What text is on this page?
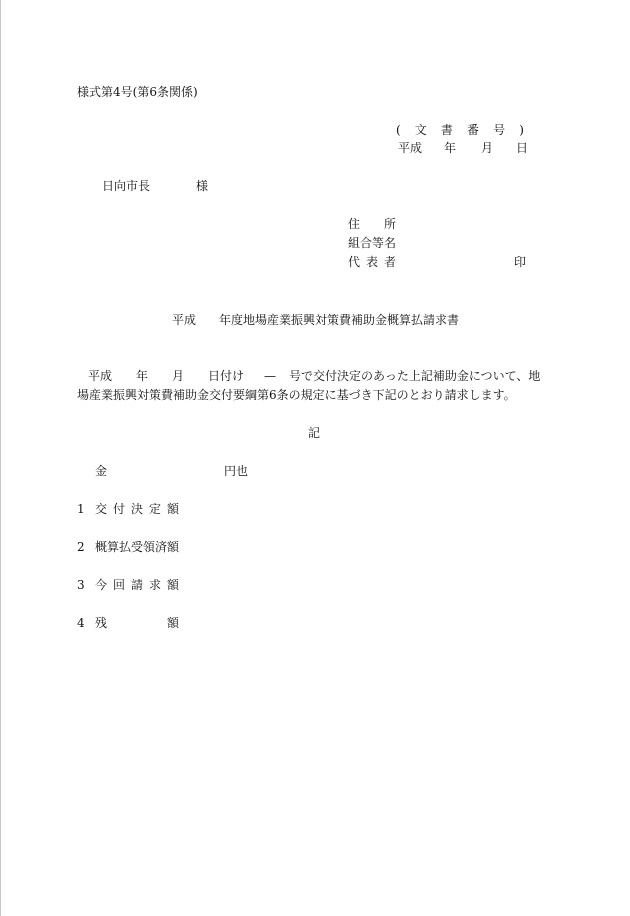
様式第4号(第6条関係)
( 文 書 番 号 )
平成 年 月 日
日向市長	様
住 所
組合等名
代 表 者	印
平成 年度地場産業振興対策費補助金概算払請求書
平成 年 月 日付け — 号で交付決定のあった上記補助金について、地
場産業振興対策費補助金交付要綱第6条の規定に基づき下記のとおり請求します。
記
金	円也
1 交 付 決 定 額
2 概算払受領済額
3 今 回 請 求 額
4 残	額
